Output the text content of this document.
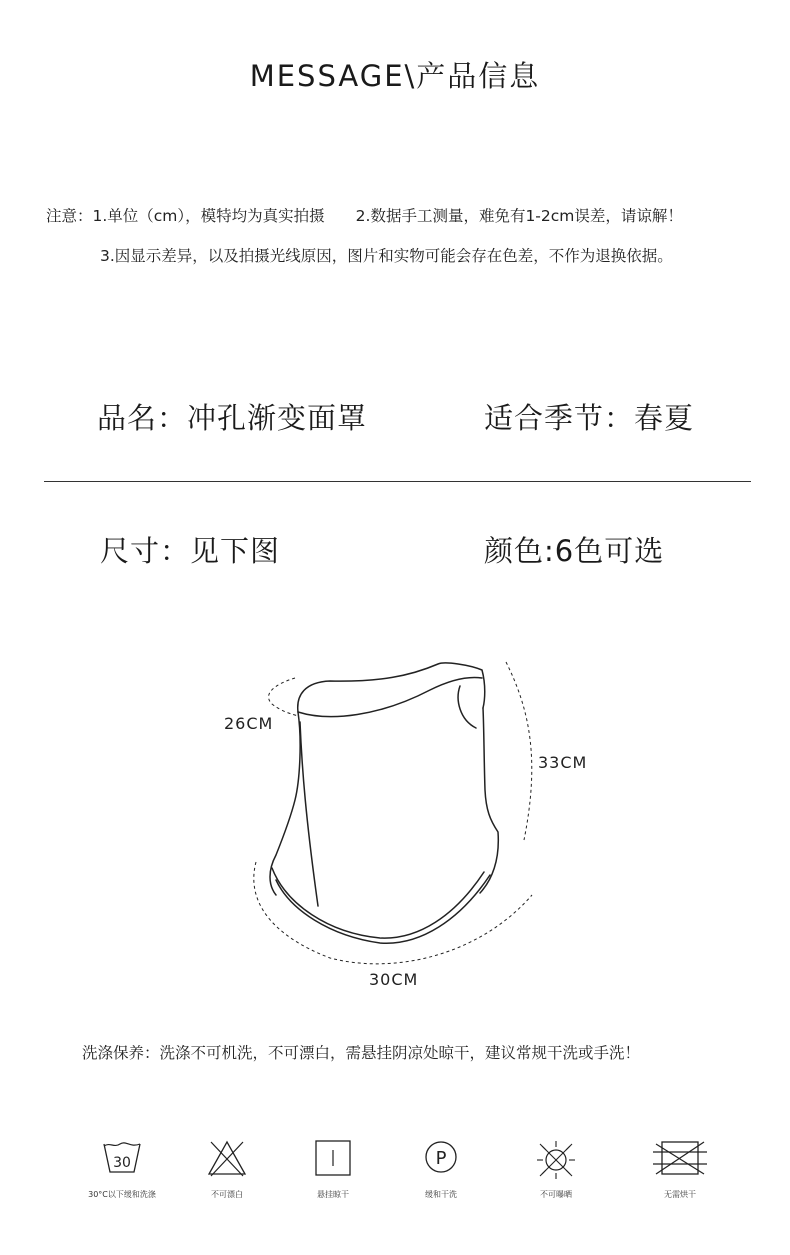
MESSAGE\产品信息
注意：1.单位（cm），模特均为真实拍摄　　2.数据手工测量，难免有1-2cm误差，请谅解！
3.因显示差异，以及拍摄光线原因，图片和实物可能会存在色差，不作为退换依据。
品名：冲孔渐变面罩	适合季节：春夏
尺寸：见下图	颜色:6色可选
26CM
33CM
30CM
洗涤保养：洗涤不可机洗，不可漂白，需悬挂阴凉处晾干，建议常规干洗或手洗！
30
30°C以下缓和洗涤	不可漂白	悬挂晾干
P
缓和干洗	不可曝晒	无需烘干
